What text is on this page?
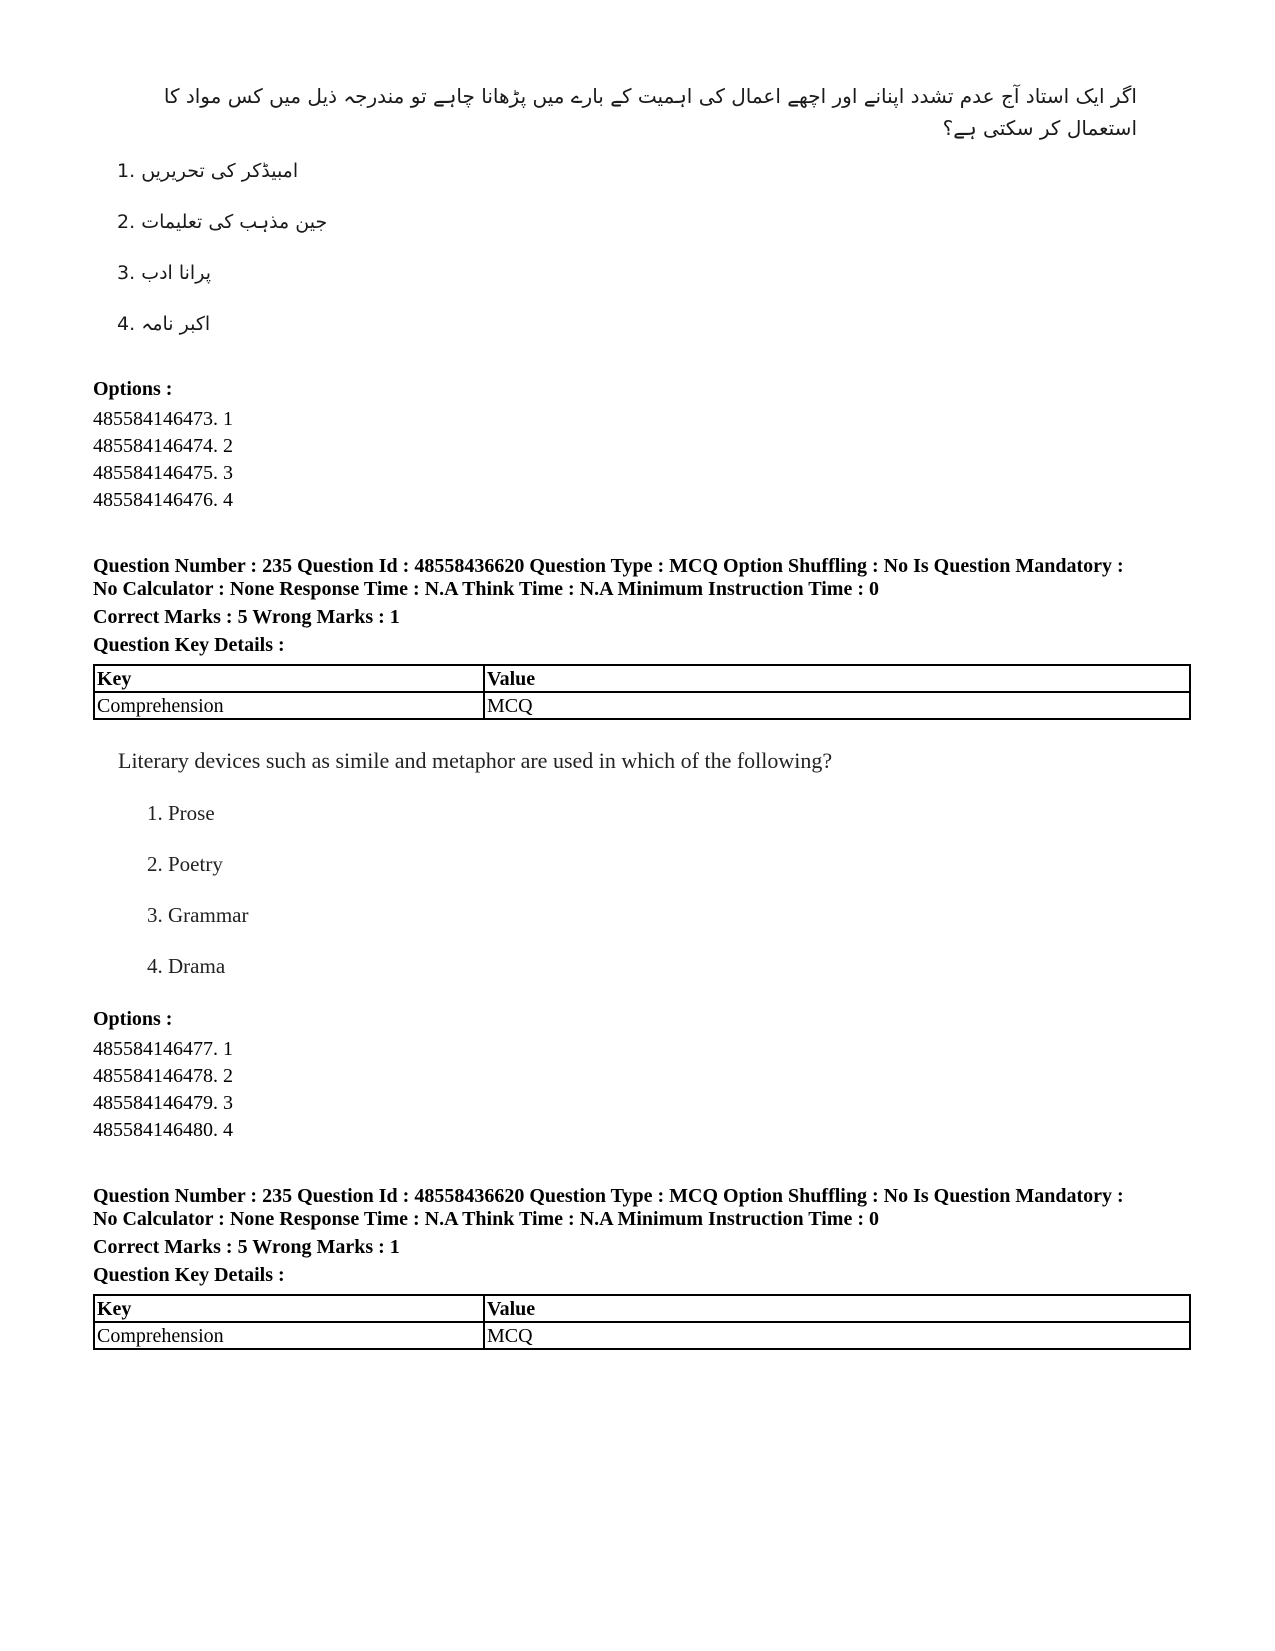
اگر ایک استاد آج عدم تشدد اپنانے اور اچھے اعمال کی اہمیت کے بارے میں پڑھانا چاہے تو مندرجہ ذیل میں کس مواد کا استعمال کر سکتی ہے؟
امبیڈکر کی تحریریں 1.
جین مذہب کی تعلیمات 2.
پرانا ادب 3.
اکبر نامہ 4.
Options :
485584146473. 1
485584146474. 2
485584146475. 3
485584146476. 4
Question Number : 235 Question Id : 48558436620 Question Type : MCQ Option Shuffling : No Is Question Mandatory :
No Calculator : None Response Time : N.A Think Time : N.A Minimum Instruction Time : 0
Correct Marks : 5 Wrong Marks : 1
Question Key Details :
Key	Value
Comprehension	MCQ
Literary devices such as simile and metaphor are used in which of the following?
1. Prose
2. Poetry
3. Grammar
4. Drama
Options :
485584146477. 1
485584146478. 2
485584146479. 3
485584146480. 4
Question Number : 235 Question Id : 48558436620 Question Type : MCQ Option Shuffling : No Is Question Mandatory :
No Calculator : None Response Time : N.A Think Time : N.A Minimum Instruction Time : 0
Correct Marks : 5 Wrong Marks : 1
Question Key Details :
Key	Value
Comprehension	MCQ
